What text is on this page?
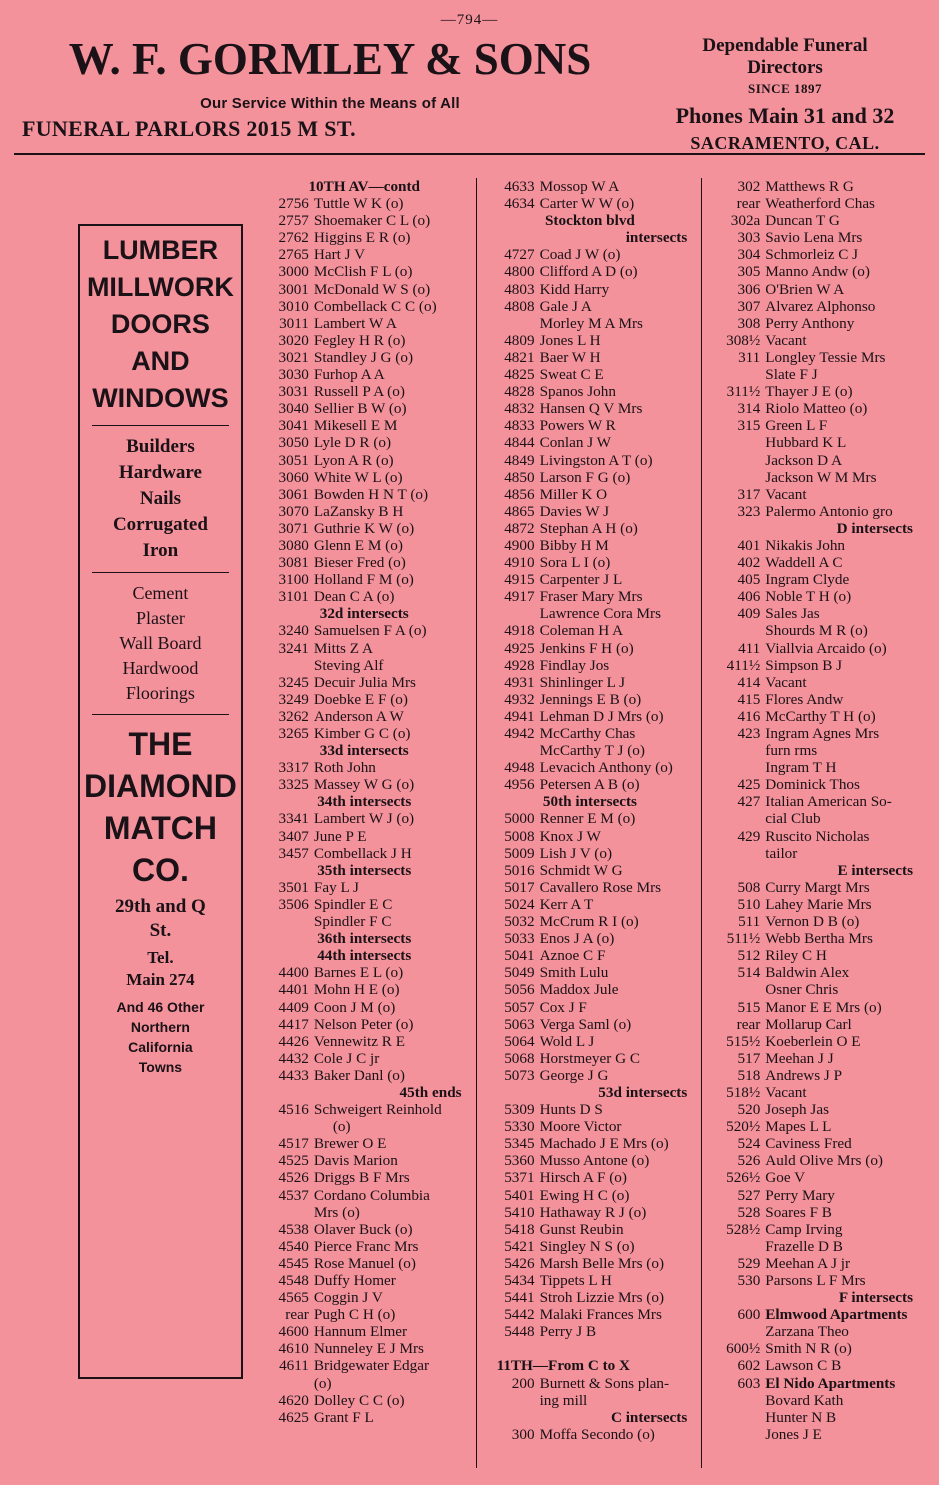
—794—
W. F. GORMLEY & SONS
Our Service Within the Means of All
FUNERAL PARLORS 2015 M ST.
Dependable Funeral
Directors
SINCE 1897
Phones Main 31 and 32
SACRAMENTO, CAL.
LUMBER
MILLWORK
DOORS AND
WINDOWS
Builders
Hardware
Nails
Corrugated
Iron
Cement
Plaster
Wall Board
Hardwood
Floorings
THE
DIAMOND
MATCH
CO.
29th and Q
St.
Tel.
Main 274
And 46 Other
Northern
California
Towns
10TH AV—contd
2756 Tuttle W K (o)
2757 Shoemaker C L (o)
2762 Higgins E R (o)
2765 Hart J V
3000 McClish F L (o)
3001 McDonald W S (o)
3010 Combellack C C (o)
3011 Lambert W A
3020 Fegley H R (o)
3021 Standley J G (o)
3030 Furhop A A
3031 Russell P A (o)
3040 Sellier B W (o)
3041 Mikesell E M
3050 Lyle D R (o)
3051 Lyon A R (o)
3060 White W L (o)
3061 Bowden H N T (o)
3070 LaZansky B H
3071 Guthrie K W (o)
3080 Glenn E M (o)
3081 Bieser Fred (o)
3100 Holland F M (o)
3101 Dean C A (o)
32d intersects
3240 Samuelsen F A (o)
3241 Mitts Z A
Steving Alf
3245 Decuir Julia Mrs
3249 Doebke E F (o)
3262 Anderson A W
3265 Kimber G C (o)
33d intersects
3317 Roth John
3325 Massey W G (o)
34th intersects
3341 Lambert W J (o)
3407 June P E
3457 Combellack J H
35th intersects
3501 Fay L J
3506 Spindler E C
Spindler F C
36th intersects
44th intersects
4400 Barnes E L (o)
4401 Mohn H E (o)
4409 Coon J M (o)
4417 Nelson Peter (o)
4426 Vennewitz R E
4432 Cole J C jr
4433 Baker Danl (o)
45th ends
4516 Schweigert Reinhold
(o)
4517 Brewer O E
4525 Davis Marion
4526 Driggs B F Mrs
4537 Cordano Columbia
Mrs (o)
4538 Olaver Buck (o)
4540 Pierce Franc Mrs
4545 Rose Manuel (o)
4548 Duffy Homer
4565 Coggin J V
rear Pugh C H (o)
4600 Hannum Elmer
4610 Nunneley E J Mrs
4611 Bridgewater Edgar
(o)
4620 Dolley C C (o)
4625 Grant F L
4633 Mossop W A
4634 Carter W W (o)
Stockton blvd
intersects
4727 Coad J W (o)
4800 Clifford A D (o)
4803 Kidd Harry
4808 Gale J A
Morley M A Mrs
4809 Jones L H
4821 Baer W H
4825 Sweat C E
4828 Spanos John
4832 Hansen Q V Mrs
4833 Powers W R
4844 Conlan J W
4849 Livingston A T (o)
4850 Larson F G (o)
4856 Miller K O
4865 Davies W J
4872 Stephan A H (o)
4900 Bibby H M
4910 Sora L I (o)
4915 Carpenter J L
4917 Fraser Mary Mrs
Lawrence Cora Mrs
4918 Coleman H A
4925 Jenkins F H (o)
4928 Findlay Jos
4931 Shinlinger L J
4932 Jennings E B (o)
4941 Lehman D J Mrs (o)
4942 McCarthy Chas
McCarthy T J (o)
4948 Levacich Anthony (o)
4956 Petersen A B (o)
50th intersects
5000 Renner E M (o)
5008 Knox J W
5009 Lish J V (o)
5016 Schmidt W G
5017 Cavallero Rose Mrs
5024 Kerr A T
5032 McCrum R I (o)
5033 Enos J A (o)
5041 Aznoe C F
5049 Smith Lulu
5056 Maddox Jule
5057 Cox J F
5063 Verga Saml (o)
5064 Wold L J
5068 Horstmeyer G C
5073 George J G
53d intersects
5309 Hunts D S
5330 Moore Victor
5345 Machado J E Mrs (o)
5360 Musso Antone (o)
5371 Hirsch A F (o)
5401 Ewing H C (o)
5410 Hathaway R J (o)
5418 Gunst Reubin
5421 Singley N S (o)
5426 Marsh Belle Mrs (o)
5434 Tippets L H
5441 Stroh Lizzie Mrs (o)
5442 Malaki Frances Mrs
5448 Perry J B

11TH—From C to X
200 Burnett & Sons plan-
ing mill
C intersects
300 Moffa Secondo (o)
302 Matthews R G
rear Weatherford Chas
302a Duncan T G
303 Savio Lena Mrs
304 Schmorleiz C J
305 Manno Andw (o)
306 O'Brien W A
307 Alvarez Alphonso
308 Perry Anthony
308½ Vacant
311 Longley Tessie Mrs
Slate F J
311½ Thayer J E (o)
314 Riolo Matteo (o)
315 Green L F
Hubbard K L
Jackson D A
Jackson W M Mrs
317 Vacant
323 Palermo Antonio gro
D intersects
401 Nikakis John
402 Waddell A C
405 Ingram Clyde
406 Noble T H (o)
409 Sales Jas
Shourds M R (o)
411 Viallvia Arcaido (o)
411½ Simpson B J
414 Vacant
415 Flores Andw
416 McCarthy T H (o)
423 Ingram Agnes Mrs
furn rms
Ingram T H
425 Dominick Thos
427 Italian American So-
cial Club
429 Ruscito Nicholas
tailor
E intersects
508 Curry Margt Mrs
510 Lahey Marie Mrs
511 Vernon D B (o)
511½ Webb Bertha Mrs
512 Riley C H
514 Baldwin Alex
Osner Chris
515 Manor E E Mrs (o)
rear Mollarup Carl
515½ Koeberlein O E
517 Meehan J J
518 Andrews J P
518½ Vacant
520 Joseph Jas
520½ Mapes L L
524 Caviness Fred
526 Auld Olive Mrs (o)
526½ Goe V
527 Perry Mary
528 Soares F B
528½ Camp Irving
Frazelle D B
529 Meehan A J jr
530 Parsons L F Mrs
F intersects
600 Elmwood Apartments
Zarzana Theo
600½ Smith N R (o)
602 Lawson C B
603 El Nido Apartments
Bovard Kath
Hunter N B
Jones J E
